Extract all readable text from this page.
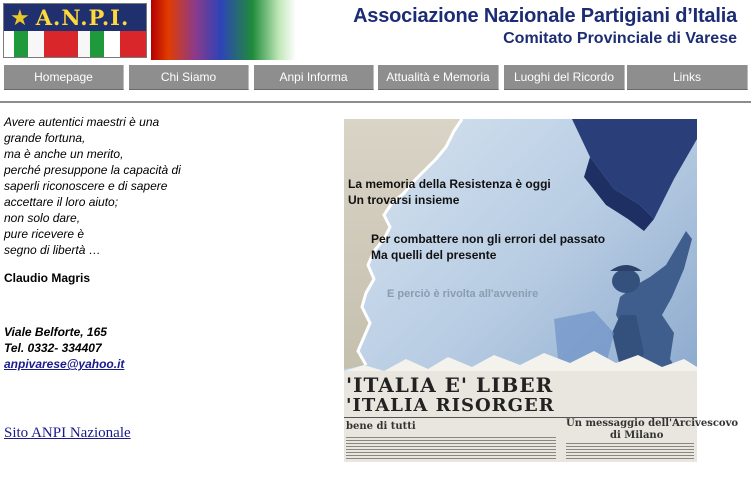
★ A.N.P.I.	Associazione Nazionale Partigiani d’Italia
Comitato Provinciale di Varese
Homepage	Chi Siamo	Anpi Informa	Attualità e Memoria	Luoghi del Ricordo	Links
Avere autentici maestri è una
grande fortuna,
ma è anche un merito,
perché presuppone la capacità di
saperli riconoscere e di sapere
accettare il loro aiuto;
non solo dare,
pure ricevere è
segno di libertà …
Claudio Magris
Viale Belforte, 165
Tel. 0332- 334407
anpivarese@yahoo.it
Sito ANPI Nazionale
La memoria della Resistenza è oggi
Un trovarsi insieme
Per combattere non gli errori del passato
Ma quelli del presente
E perciò è rivolta all'avvenire
'ITALIA E' LIBER
'ITALIA RISORGER
bene di tutti	Un messaggio dell'Arcivescovo
di Milano
